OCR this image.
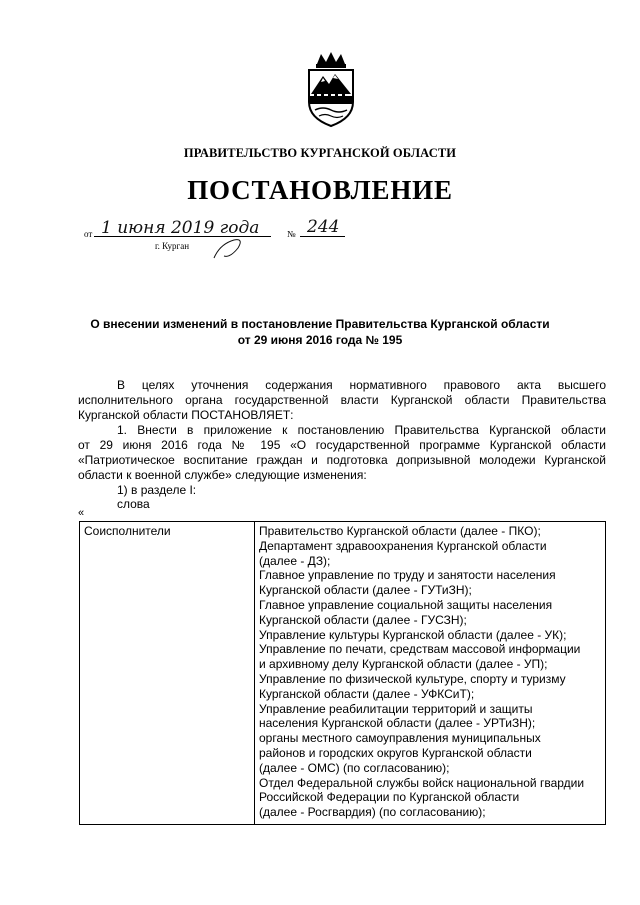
ПРАВИТЕЛЬСТВО КУРГАНСКОЙ ОБЛАСТИ
ПОСТАНОВЛЕНИЕ
от 1 июня 2019 года	№ 244
г. Курган
О внесении изменений в постановление Правительства Курганской области
от 29 июня 2016 года № 195
В целях уточнения содержания нормативного правового акта высшего
исполнительного органа государственной власти Курганской области Правительства
Курганской области ПОСТАНОВЛЯЕТ:
1. Внести в приложение к постановлению Правительства Курганской области
от 29 июня 2016 года № 195 «О государственной программе Курганской области
«Патриотическое воспитание граждан и подготовка допризывной молодежи Курганской
области к военной службе» следующие изменения:
1) в разделе I:
слова
«
Соисполнители	Правительство Курганской области (далее - ПКО);
Департамент здравоохранения Курганской области
(далее - ДЗ);
Главное управление по труду и занятости населения
Курганской области (далее - ГУТиЗН);
Главное управление социальной защиты населения
Курганской области (далее - ГУСЗН);
Управление культуры Курганской области (далее - УК);
Управление по печати, средствам массовой информации
и архивному делу Курганской области (далее - УП);
Управление по физической культуре, спорту и туризму
Курганской области (далее - УФКСиТ);
Управление реабилитации территорий и защиты
населения Курганской области (далее - УРТиЗН);
органы местного самоуправления муниципальных
районов и городских округов Курганской области
(далее - ОМС) (по согласованию);
Отдел Федеральной службы войск национальной гвардии
Российской Федерации по Курганской области
(далее - Росгвардия) (по согласованию);
